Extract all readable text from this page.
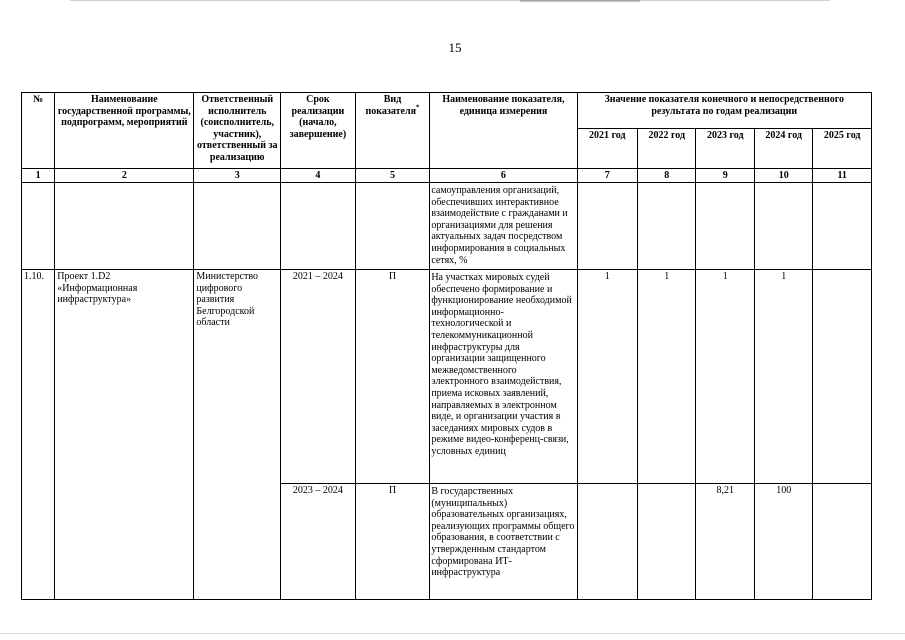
15
№	Наименование государственной программы, подпрограмм, мероприятий	Ответственный исполнитель (соисполнитель, участник), ответственный за реализацию	Срок реализации (начало, завершение)	Вид показателя*	Наименование показателя, единица измерения	Значение показателя конечного и непосредственного результата по годам реализации				
						2021 год	2022 год	2023 год	2024 год	2025 год
1	2	3	4	5	6	7	8	9	10	11
					самоуправления организаций, обеспечивших интерактивное взаимодействие с гражданами и организациями для решения актуальных задач посредством информирования в социальных сетях, %					
1.10.	Проект 1.D2 «Информационная инфраструктура»	Министерство цифрового развития Белгородской области	2021 – 2024	П	На участках мировых судей обеспечено формирование и функционирование необходимой информационно-технологической и телекоммуникационной инфраструктуры для организации защищенного межведомственного электронного взаимодействия, приема исковых заявлений, направляемых в электронном виде, и организации участия в заседаниях мировых судов в режиме видео-конференц-связи, условных единиц	1	1	1	1	
			2023 – 2024	П	В государственных (муниципальных) образовательных организациях, реализующих программы общего образования, в соответствии с утвержденным стандартом сформирована ИТ-инфраструктура			8,21	100	
